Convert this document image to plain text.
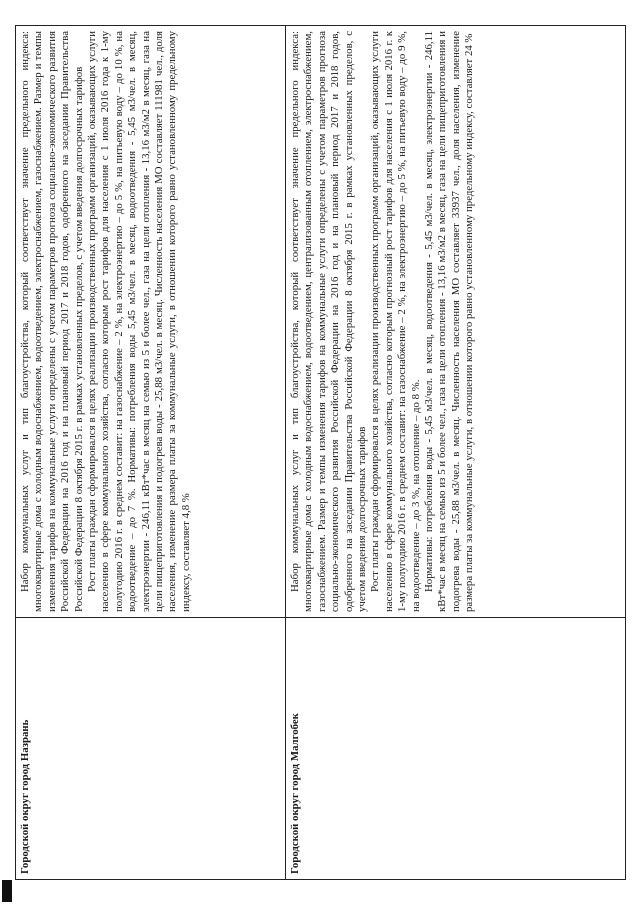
Городской округ город Назрань	Набор коммунальных услуг и тип благоустройства, который соответствует значение предельного индекса: многоквартирные дома с холодным водоснабжением, водоотведением, электроснабжением, газоснабжением. Размер и темпы изменения тарифов на коммунальные услуги определены с учетом параметров прогноза социально-экономического развития Российской Федерации на 2016 год и на плановый период 2017 и 2018 годов, одобренного на заседании Правительства Российской Федерации 8 октября 2015 г. в рамках установленных пределов, с учетом введения долгосрочных тарифов Рост платы граждан сформировался в целях реализации производственных программ организаций, оказывающих услуги населению в сфере коммунального хозяйства, согласно которым рост тарифов для населения с 1 июля 2016 года к 1-му полугодию 2016 г. в среднем составит: на газоснабжение – 2 %, на электроэнергию – до 5 %, на питьевую воду – до 10 %, на водоотведение – до 7 %. Нормативы: потребления воды 5,45 м3/чел. в месяц, водоотведения - 5,45 м3/чел. в месяц, электроэнергии - 246,11 кВт*час в месяц на семью из 5 и более чел., газа на цели отопления - 13,16 м3/м2 в месяц, газа на цели пищеприготовления и подогрева воды - 25,88 м3/чел. в месяц. Численность населения МО составляет 111981 чел., доля населения, изменение размера платы за коммунальные услуги, в отношении которого равно установленному предельному индексу, составляет 4,8 %

Городской округ город Малгобек	Набор коммунальных услуг и тип благоустройства, который соответствует значение предельного индекса: многоквартирные дома с холодным водоснабжением, водоотведением, централизованным отоплением, электроснабжением, газоснабжением. Размер и темпы изменения тарифов на коммунальные услуги определены с учетом параметров прогноза социально-экономического развития Российской Федерации на 2016 год и на плановый период 2017 и 2018 годов, одобренного на заседании Правительства Российской Федерации 8 октября 2015 г. в рамках установленных пределов, с учетом введения долгосрочных тарифов Рост платы граждан сформировался в целях реализации производственных программ организаций, оказывающих услуги населению в сфере коммунального хозяйства, согласно которым прогнозный рост тарифов для населения с 1 июля 2016 г. к 1-му полугодию 2016 г. в среднем составит: на газоснабжение – 2 %, на электроэнергию – до 5 %, на питьевую воду – до 9 %, на водоотведение – до 3 %, на отопление – до 8 %. Нормативы: потребления воды - 5,45 м3/чел. в месяц, водоотведения - 5,45 м3/чел. в месяц, электроэнергии - 246,11 кВт*час в месяц на семью из 5 и более чел., газа на цели отопления - 13,16 м3/м2 в месяц, газа на цели пищеприготовления и подогрева воды - 25,88 м3/чел. в месяц. Численность населения МО составляет 33937 чел., доля населения, изменение размера платы за коммунальные услуги, в отношении которого равно установленному предельному индексу, составляет 24 %
